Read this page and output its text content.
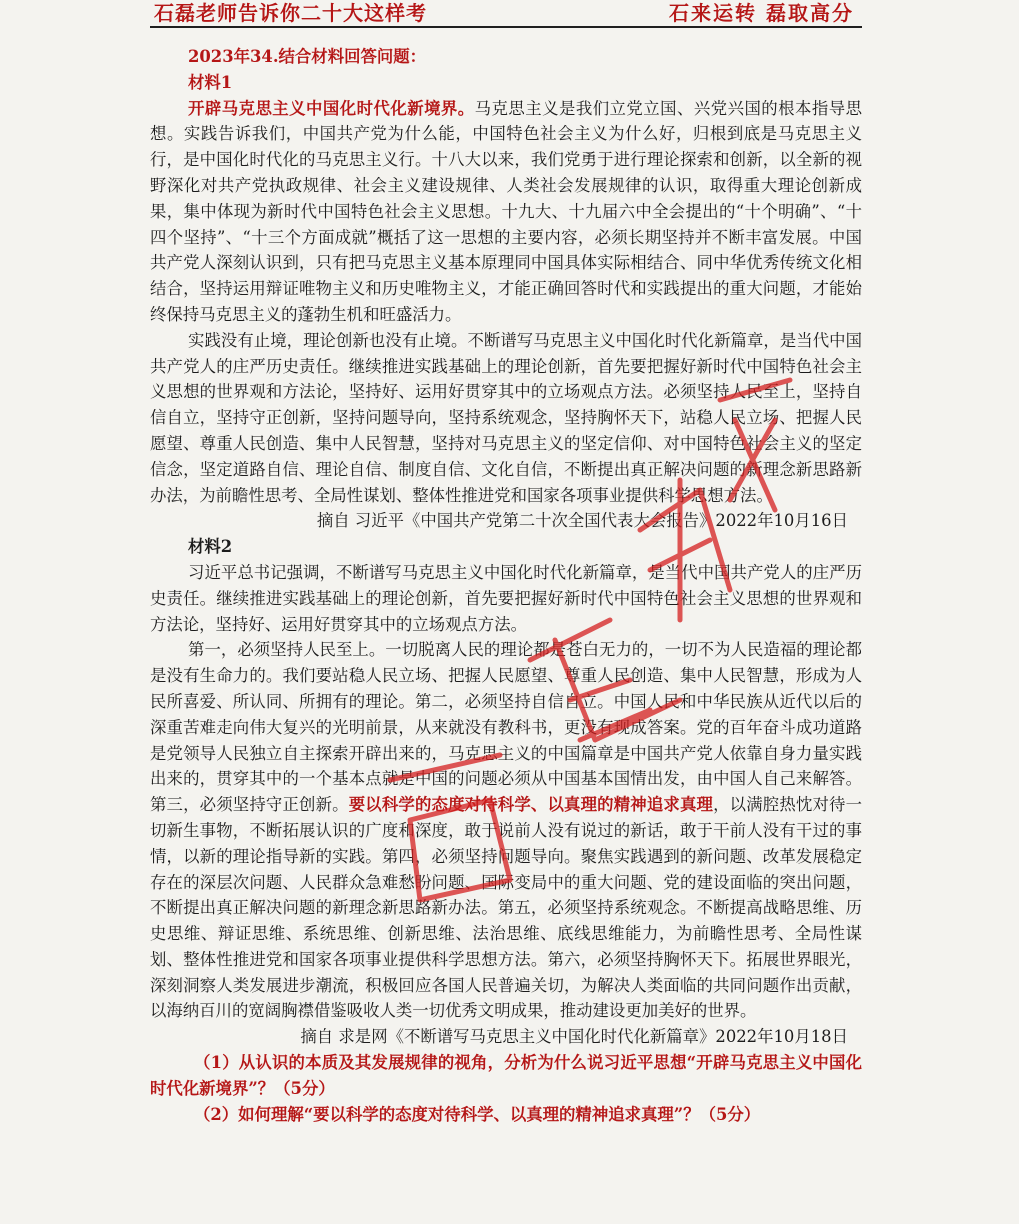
石磊老师告诉你二十大这样考	石来运转 磊取高分

2023年34.结合材料回答问题：

材料1

开辟马克思主义中国化时代化新境界。马克思主义是我们立党立国、兴党兴国的根本指导思想。实践告诉我们，中国共产党为什么能，中国特色社会主义为什么好，归根到底是马克思主义行，是中国化时代化的马克思主义行。十八大以来，我们党勇于进行理论探索和创新，以全新的视野深化对共产党执政规律、社会主义建设规律、人类社会发展规律的认识，取得重大理论创新成果，集中体现为新时代中国特色社会主义思想。十九大、十九届六中全会提出的“十个明确”、“十四个坚持”、“十三个方面成就”概括了这一思想的主要内容，必须长期坚持并不断丰富发展。中国共产党人深刻认识到，只有把马克思主义基本原理同中国具体实际相结合、同中华优秀传统文化相结合，坚持运用辩证唯物主义和历史唯物主义，才能正确回答时代和实践提出的重大问题，才能始终保持马克思主义的蓬勃生机和旺盛活力。

实践没有止境，理论创新也没有止境。不断谱写马克思主义中国化时代化新篇章，是当代中国共产党人的庄严历史责任。继续推进实践基础上的理论创新，首先要把握好新时代中国特色社会主义思想的世界观和方法论，坚持好、运用好贯穿其中的立场观点方法。必须坚持人民至上，坚持自信自立，坚持守正创新，坚持问题导向，坚持系统观念，坚持胸怀天下，站稳人民立场、把握人民愿望、尊重人民创造、集中人民智慧，坚持对马克思主义的坚定信仰、对中国特色社会主义的坚定信念，坚定道路自信、理论自信、制度自信、文化自信，不断提出真正解决问题的新理念新思路新办法，为前瞻性思考、全局性谋划、整体性推进党和国家各项事业提供科学思想方法。

摘自 习近平《中国共产党第二十次全国代表大会报告》2022年10月16日

材料2

习近平总书记强调，不断谱写马克思主义中国化时代化新篇章，是当代中国共产党人的庄严历史责任。继续推进实践基础上的理论创新，首先要把握好新时代中国特色社会主义思想的世界观和方法论，坚持好、运用好贯穿其中的立场观点方法。

第一，必须坚持人民至上。一切脱离人民的理论都是苍白无力的，一切不为人民造福的理论都是没有生命力的。我们要站稳人民立场、把握人民愿望、尊重人民创造、集中人民智慧，形成为人民所喜爱、所认同、所拥有的理论。第二，必须坚持自信自立。中国人民和中华民族从近代以后的深重苦难走向伟大复兴的光明前景，从来就没有教科书，更没有现成答案。党的百年奋斗成功道路是党领导人民独立自主探索开辟出来的，马克思主义的中国篇章是中国共产党人依靠自身力量实践出来的，贯穿其中的一个基本点就是中国的问题必须从中国基本国情出发，由中国人自己来解答。第三，必须坚持守正创新。要以科学的态度对待科学、以真理的精神追求真理，以满腔热忱对待一切新生事物，不断拓展认识的广度和深度，敢于说前人没有说过的新话，敢于干前人没有干过的事情，以新的理论指导新的实践。第四，必须坚持问题导向。聚焦实践遇到的新问题、改革发展稳定存在的深层次问题、人民群众急难愁盼问题、国际变局中的重大问题、党的建设面临的突出问题，不断提出真正解决问题的新理念新思路新办法。第五，必须坚持系统观念。不断提高战略思维、历史思维、辩证思维、系统思维、创新思维、法治思维、底线思维能力，为前瞻性思考、全局性谋划、整体性推进党和国家各项事业提供科学思想方法。第六，必须坚持胸怀天下。拓展世界眼光，深刻洞察人类发展进步潮流，积极回应各国人民普遍关切，为解决人类面临的共同问题作出贡献，以海纳百川的宽阔胸襟借鉴吸收人类一切优秀文明成果，推动建设更加美好的世界。

摘自 求是网《不断谱写马克思主义中国化时代化新篇章》2022年10月18日

（1）从认识的本质及其发展规律的视角，分析为什么说习近平思想“开辟马克思主义中国化时代化新境界”？（5分）

（2）如何理解“要以科学的态度对待科学、以真理的精神追求真理”？（5分）
